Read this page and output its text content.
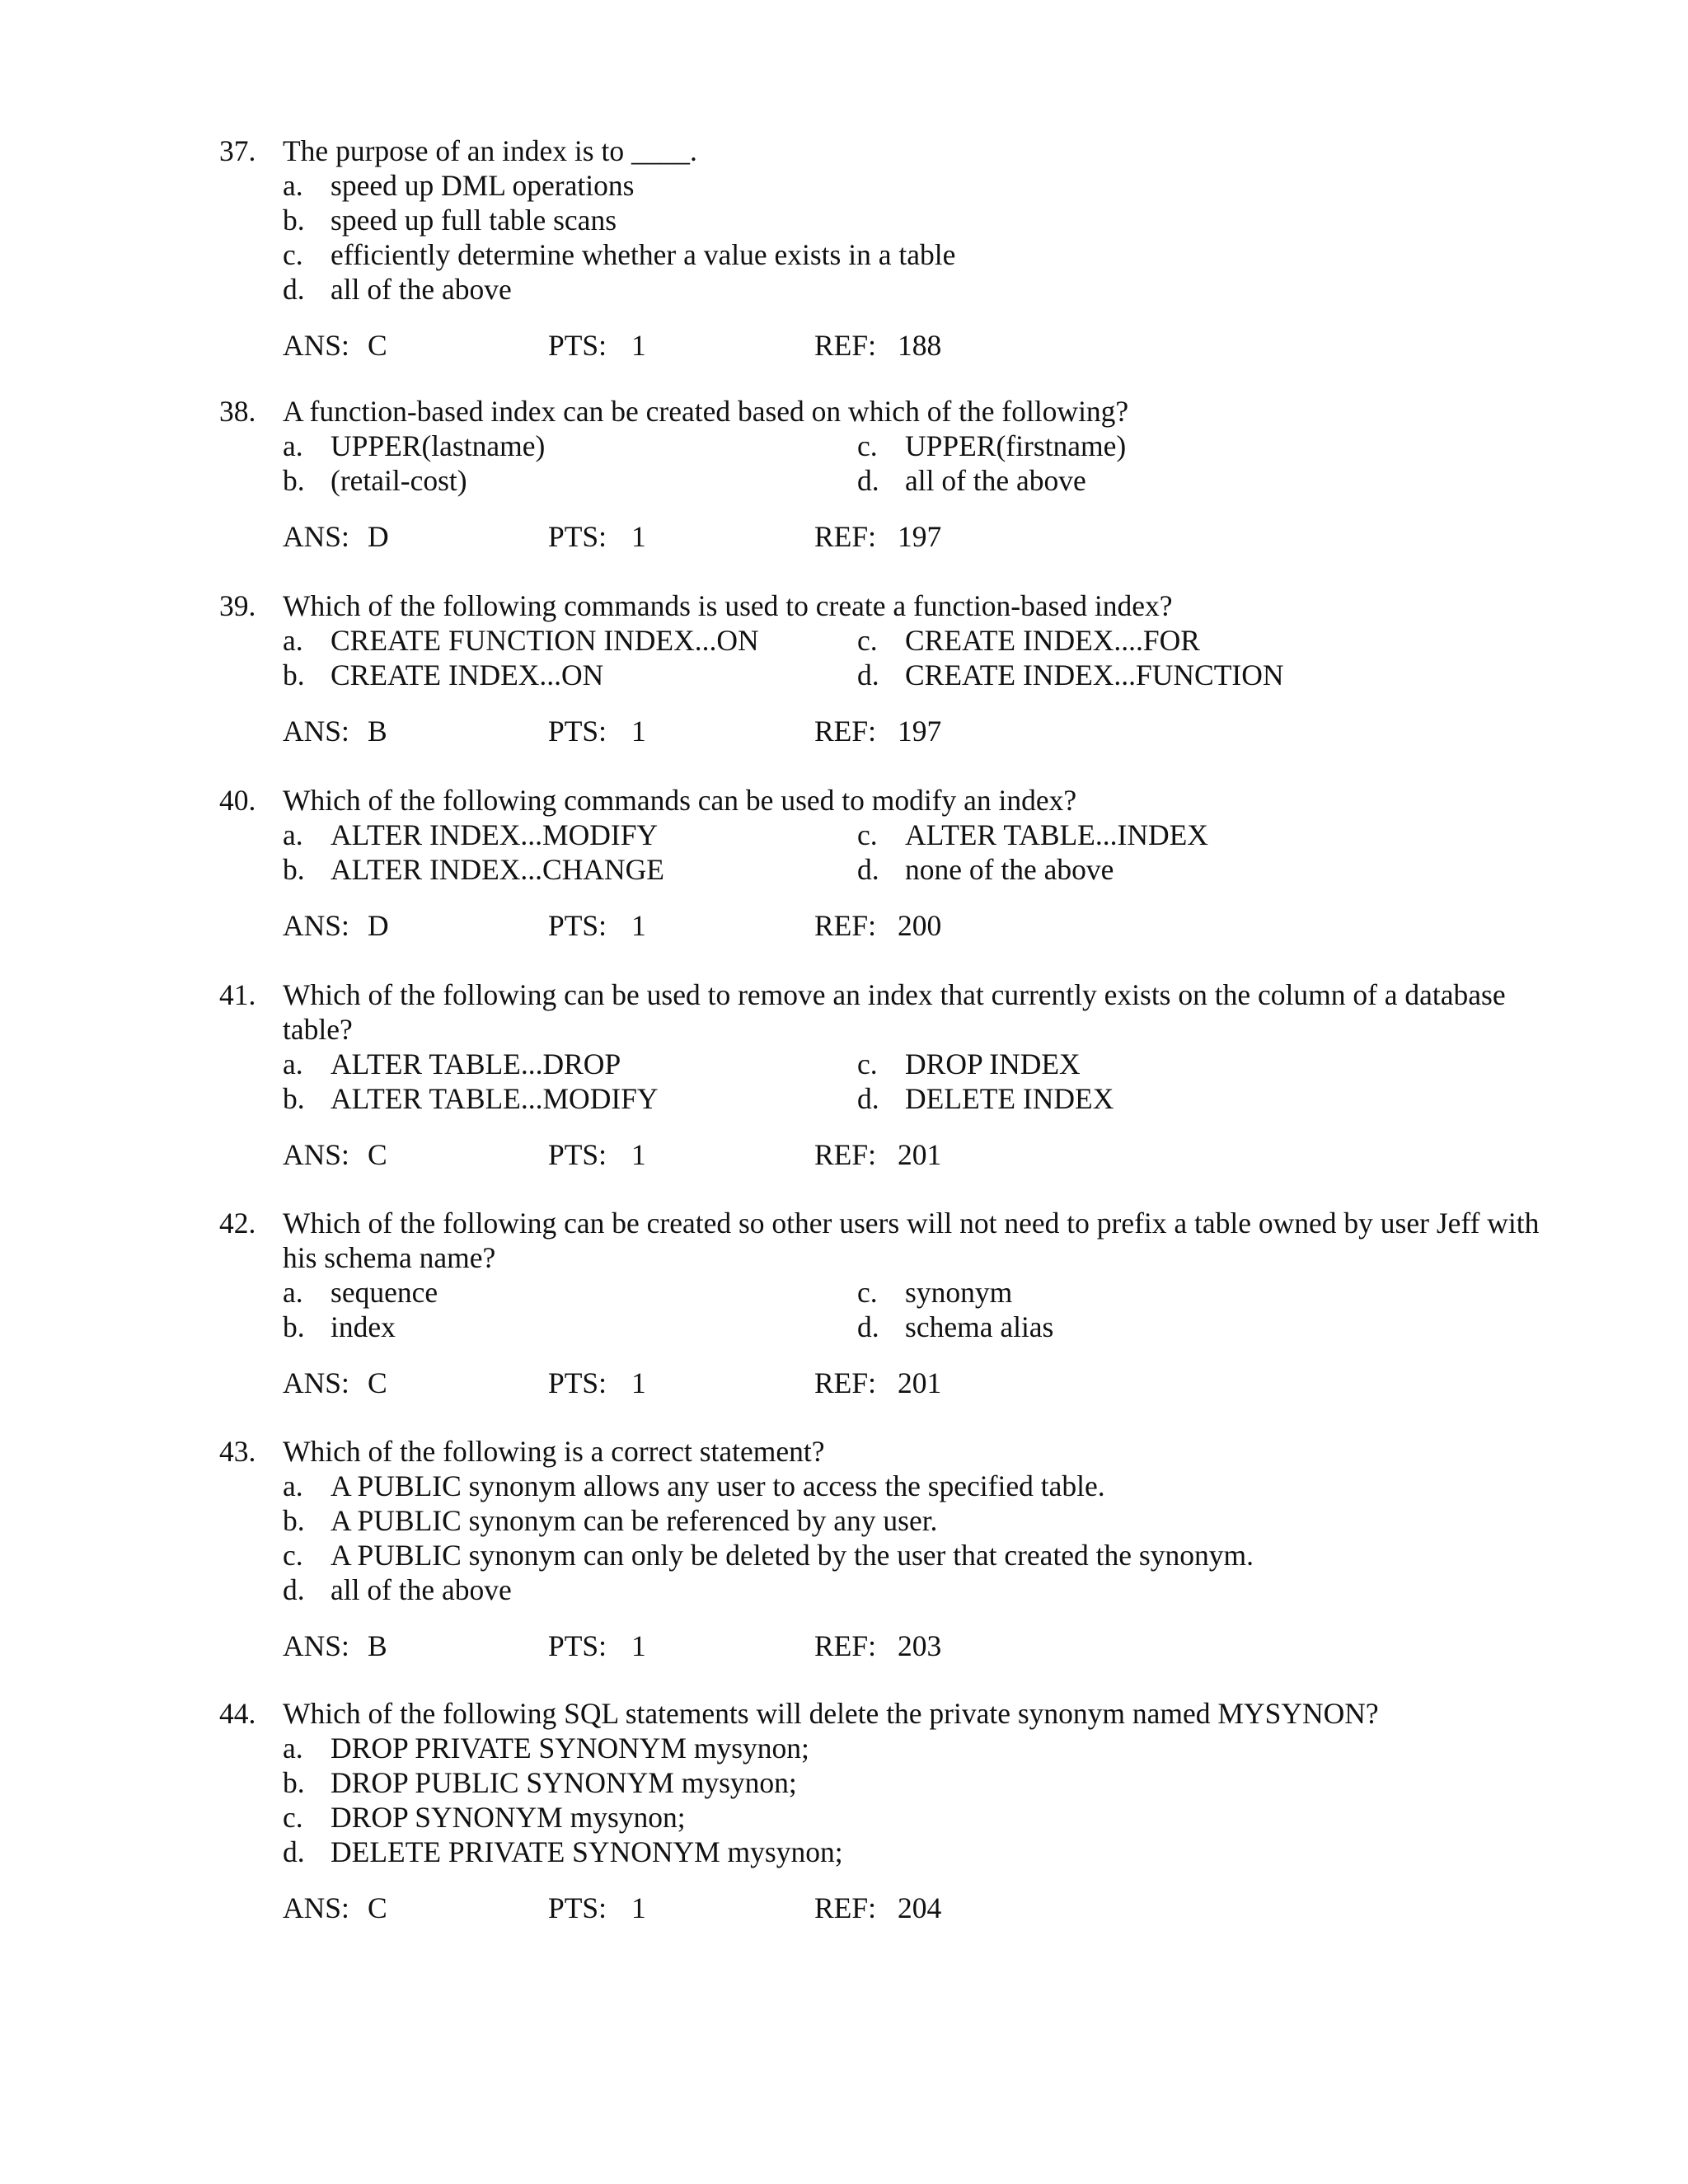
37. The purpose of an index is to ____.
a. speed up DML operations
b. speed up full table scans
c. efficiently determine whether a value exists in a table
d. all of the above
ANS: C	PTS: 1	REF: 188
38. A function-based index can be created based on which of the following?
a. UPPER(lastname)
b. (retail-cost)
c. UPPER(firstname)
d. all of the above
ANS: D	PTS: 1	REF: 197
39. Which of the following commands is used to create a function-based index?
a. CREATE FUNCTION INDEX...ON
b. CREATE INDEX...ON
c. CREATE INDEX....FOR
d. CREATE INDEX...FUNCTION
ANS: B	PTS: 1	REF: 197
40. Which of the following commands can be used to modify an index?
a. ALTER INDEX...MODIFY
b. ALTER INDEX...CHANGE
c. ALTER TABLE...INDEX
d. none of the above
ANS: D	PTS: 1	REF: 200
41. Which of the following can be used to remove an index that currently exists on the column of a database table?
a. ALTER TABLE...DROP
b. ALTER TABLE...MODIFY
c. DROP INDEX
d. DELETE INDEX
ANS: C	PTS: 1	REF: 201
42. Which of the following can be created so other users will not need to prefix a table owned by user Jeff with his schema name?
a. sequence
b. index
c. synonym
d. schema alias
ANS: C	PTS: 1	REF: 201
43. Which of the following is a correct statement?
a. A PUBLIC synonym allows any user to access the specified table.
b. A PUBLIC synonym can be referenced by any user.
c. A PUBLIC synonym can only be deleted by the user that created the synonym.
d. all of the above
ANS: B	PTS: 1	REF: 203
44. Which of the following SQL statements will delete the private synonym named MYSYNON?
a. DROP PRIVATE SYNONYM mysynon;
b. DROP PUBLIC SYNONYM mysynon;
c. DROP SYNONYM mysynon;
d. DELETE PRIVATE SYNONYM mysynon;
ANS: C	PTS: 1	REF: 204
